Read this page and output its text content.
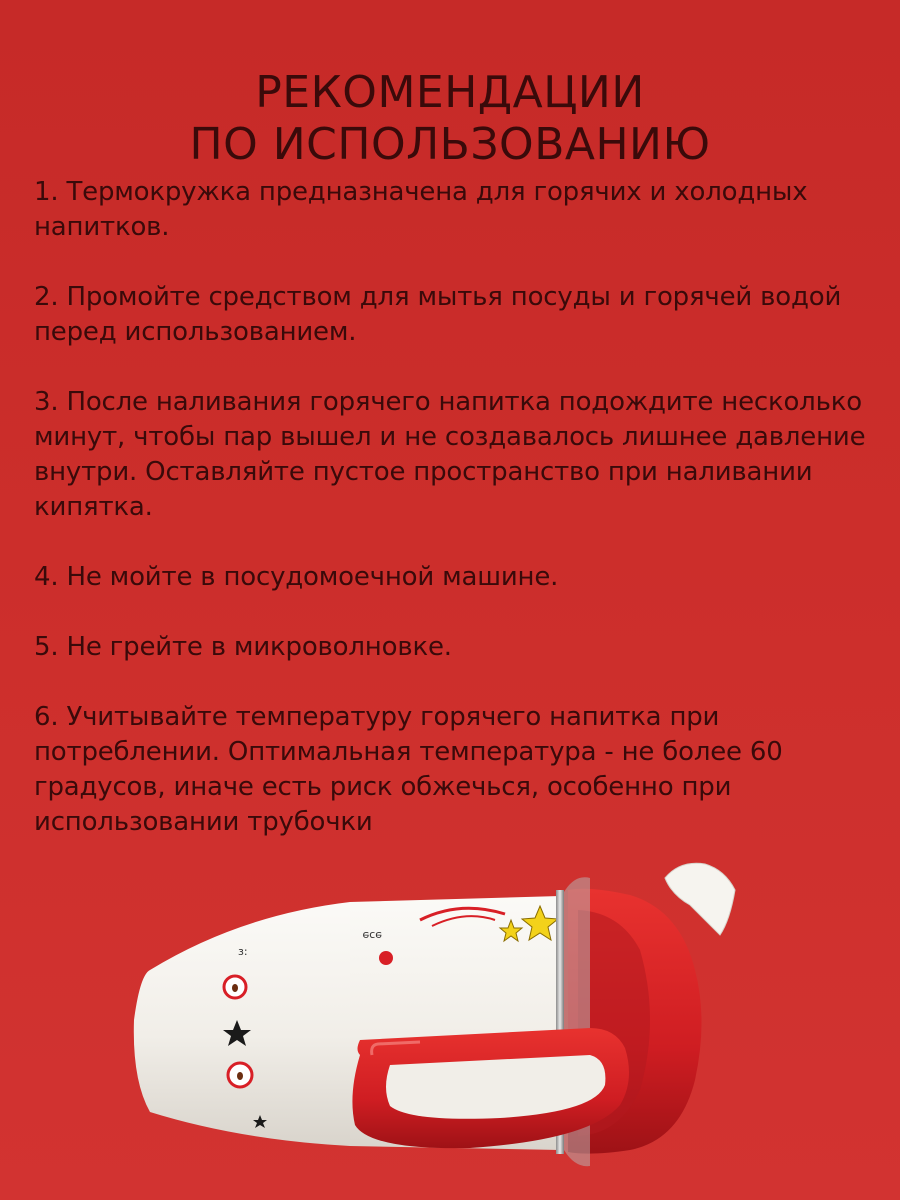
РЕКОМЕНДАЦИИ
ПО ИСПОЛЬЗОВАНИЮ

1. Термокружка предназначена для горячих и холодных напитков.

2. Промойте средством для мытья посуды и горячей водой перед использованием.

3. После наливания горячего напитка подождите несколько минут, чтобы пар вышел и не создавалось лишнее давление внутри. Оставляйте пустое пространство при наливании кипятка.

4. Не мойте в посудомоечной машине.

5. Не грейте в микроволновке.

6. Учитывайте температуру горячего напитка при потреблении. Оптимальная температура - не более 60 градусов, иначе есть риск обжечься, особенно при использовании трубочки

ɘɔɘ
ɜ:
